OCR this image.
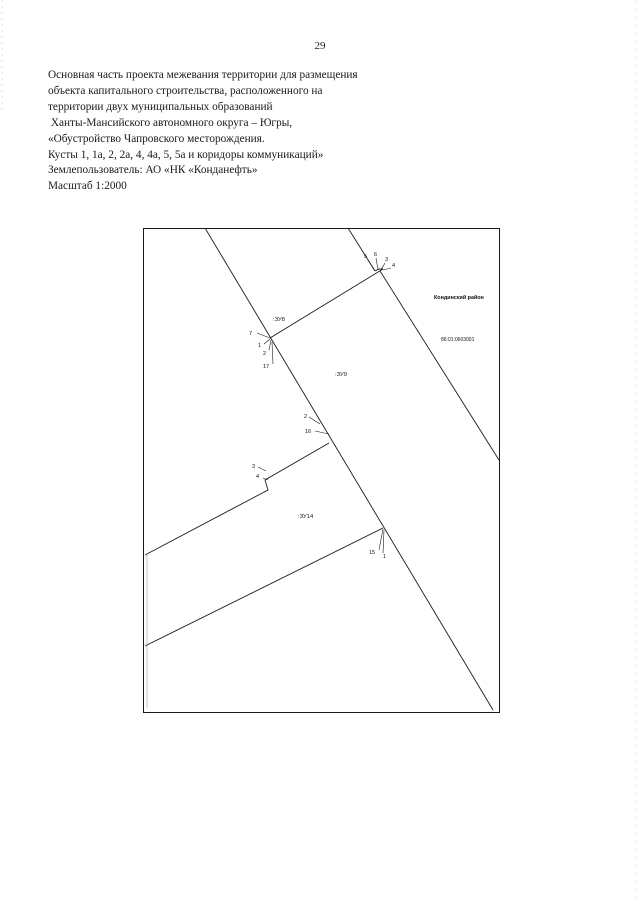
29
Основная часть проекта межевания территории для размещения
объекта капитального строительства, расположенного на
территории двух муниципальных образований
Ханты-Мансийского автономного округа – Югры,
«Обустройство Чапровского месторождения.
Кусты 1, 1а, 2, 2а, 4, 4а, 5, 5а и коридоры коммуникаций»
Землепользователь: АО «НК «Конданефть»
Масштаб 1:2000
5 6
3
4
7
1
2
17
2
16
3
4
15
1
:ЗУ8
:ЗУ9
:ЗУ14
Кондинский район
86:01:0603001
